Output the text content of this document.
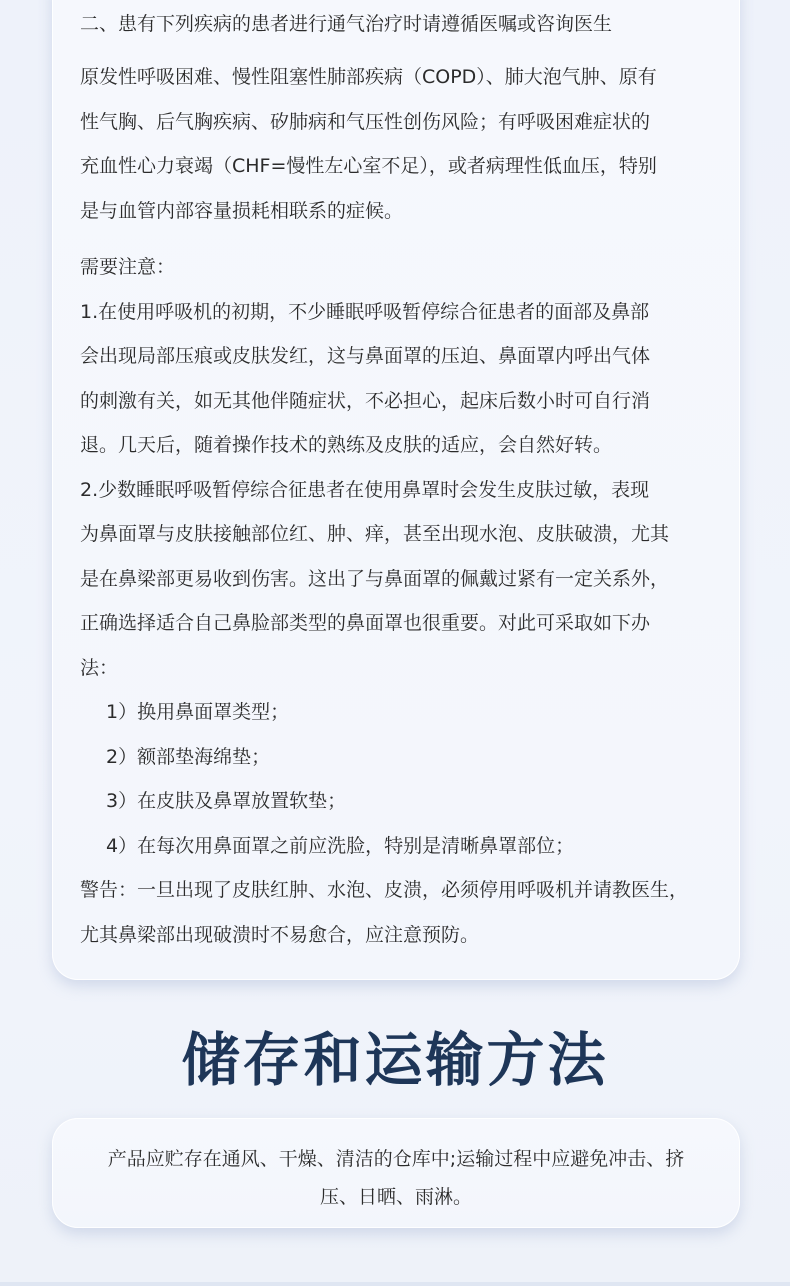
二、患有下列疾病的患者进行通气治疗时请遵循医嘱或咨询医生

原发性呼吸困难、慢性阻塞性肺部疾病（COPD）、肺大泡气肿、原有

性气胸、后气胸疾病、矽肺病和气压性创伤风险；有呼吸困难症状的

充血性心力衰竭（CHF=慢性左心室不足），或者病理性低血压，特别

是与血管内部容量损耗相联系的症候。

需要注意：

1.在使用呼吸机的初期，不少睡眠呼吸暂停综合征患者的面部及鼻部

会出现局部压痕或皮肤发红，这与鼻面罩的压迫、鼻面罩内呼出气体

的刺激有关，如无其他伴随症状，不必担心，起床后数小时可自行消

退。几天后，随着操作技术的熟练及皮肤的适应，会自然好转。

2.少数睡眠呼吸暂停综合征患者在使用鼻罩时会发生皮肤过敏，表现

为鼻面罩与皮肤接触部位红、肿、痒，甚至出现水泡、皮肤破溃，尤其

是在鼻梁部更易收到伤害。这出了与鼻面罩的佩戴过紧有一定关系外，

正确选择适合自己鼻脸部类型的鼻面罩也很重要。对此可采取如下办

法：

1）换用鼻面罩类型；

2）额部垫海绵垫；

3）在皮肤及鼻罩放置软垫；

4）在每次用鼻面罩之前应洗脸，特别是清晰鼻罩部位；

警告：一旦出现了皮肤红肿、水泡、皮溃，必须停用呼吸机并请教医生，

尤其鼻梁部出现破溃时不易愈合，应注意预防。

储存和运输方法
产品应贮存在通风、干燥、清洁的仓库中;运输过程中应避免冲击、挤
压、日晒、雨淋。
